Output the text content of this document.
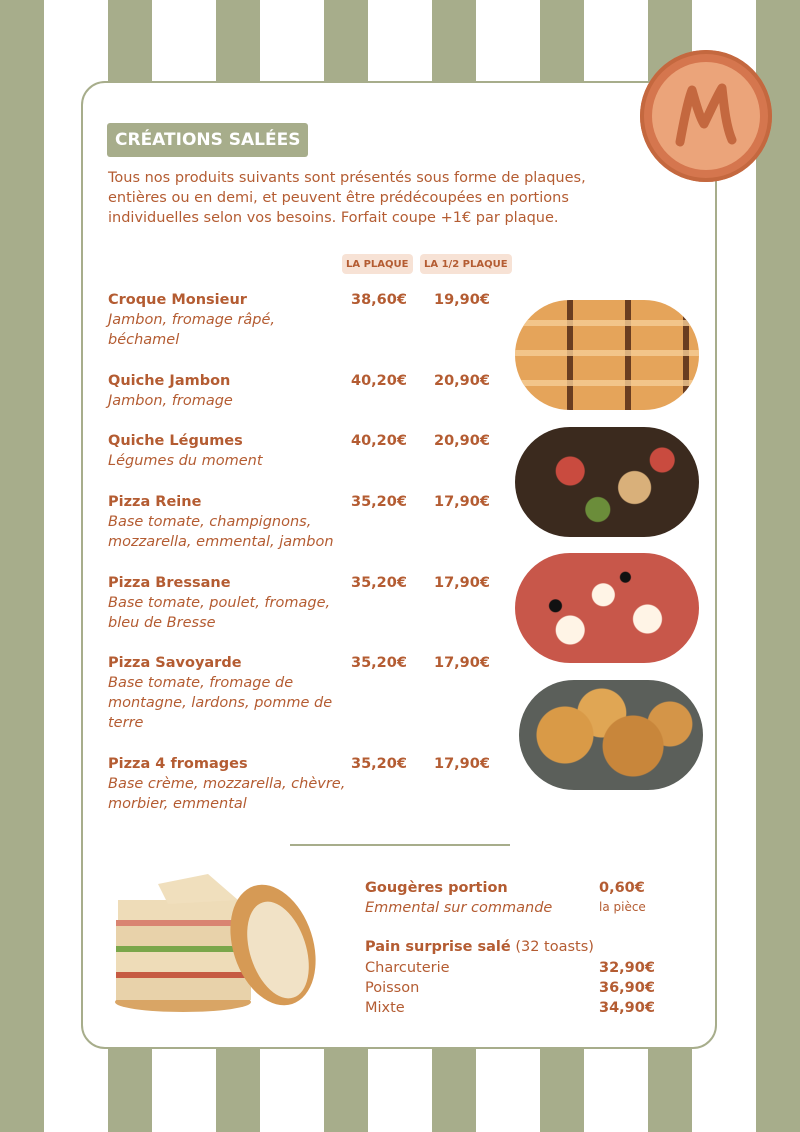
CRÉATIONS SALÉES
Tous nos produits suivants sont présentés sous forme de plaques, entières ou en demi, et peuvent être prédécoupées en portions individuelles selon vos besoins. Forfait coupe +1€ par plaque.
LA PLAQUE	LA 1/2 PLAQUE
Croque Monsieur
Jambon, fromage râpé, béchamel
38,60€ 19,90€
Quiche Jambon
Jambon, fromage
40,20€ 20,90€
Quiche Légumes
Légumes du moment
40,20€ 20,90€
Pizza Reine
Base tomate, champignons, mozzarella, emmental, jambon
35,20€ 17,90€
Pizza Bressane
Base tomate, poulet, fromage, bleu de Bresse
35,20€ 17,90€
Pizza Savoyarde
Base tomate, fromage de montagne, lardons, pomme de terre
35,20€ 17,90€
Pizza 4 fromages
Base crème, mozzarella, chèvre, morbier, emmental
35,20€ 17,90€
Gougères portion
Emmental sur commande
0,60€
la pièce
Pain surprise salé (32 toasts)
Charcuterie	32,90€
Poisson	36,90€
Mixte	34,90€
